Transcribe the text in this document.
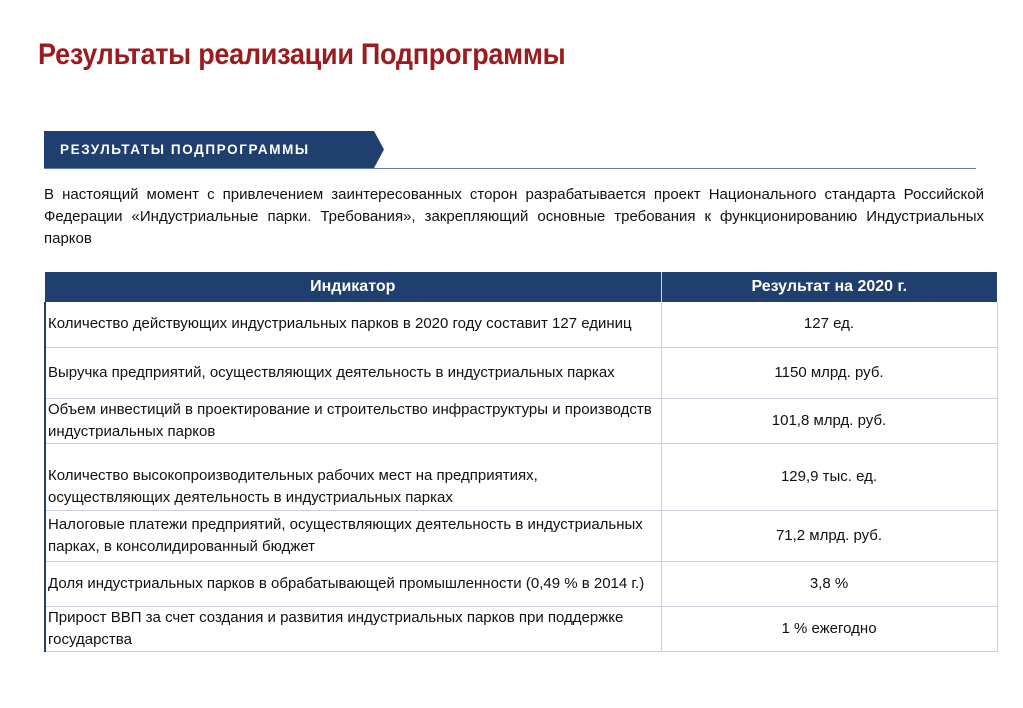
Результаты реализации Подпрограммы
РЕЗУЛЬТАТЫ ПОДПРОГРАММЫ

В настоящий момент с привлечением заинтересованных сторон разрабатывается проект Национального стандарта Российской Федерации «Индустриальные парки. Требования», закрепляющий основные требования к функционированию Индустриальных парков

Индикатор	Результат на 2020 г.
Количество действующих индустриальных парков в 2020 году составит 127 единиц	127 ед.
Выручка предприятий, осуществляющих деятельность в индустриальных парках	1150 млрд. руб.
Объем инвестиций в проектирование и строительство инфраструктуры и производств индустриальных парков	101,8 млрд. руб.
Количество высокопроизводительных рабочих мест на предприятиях, осуществляющих деятельность в индустриальных парках	129,9 тыс. ед.
Налоговые платежи предприятий, осуществляющих деятельность в индустриальных парках, в консолидированный бюджет	71,2 млрд. руб.
Доля индустриальных парков в обрабатывающей промышленности (0,49 % в 2014 г.)	3,8 %
Прирост ВВП за счет создания и развития индустриальных парков при поддержке государства	1 % ежегодно
